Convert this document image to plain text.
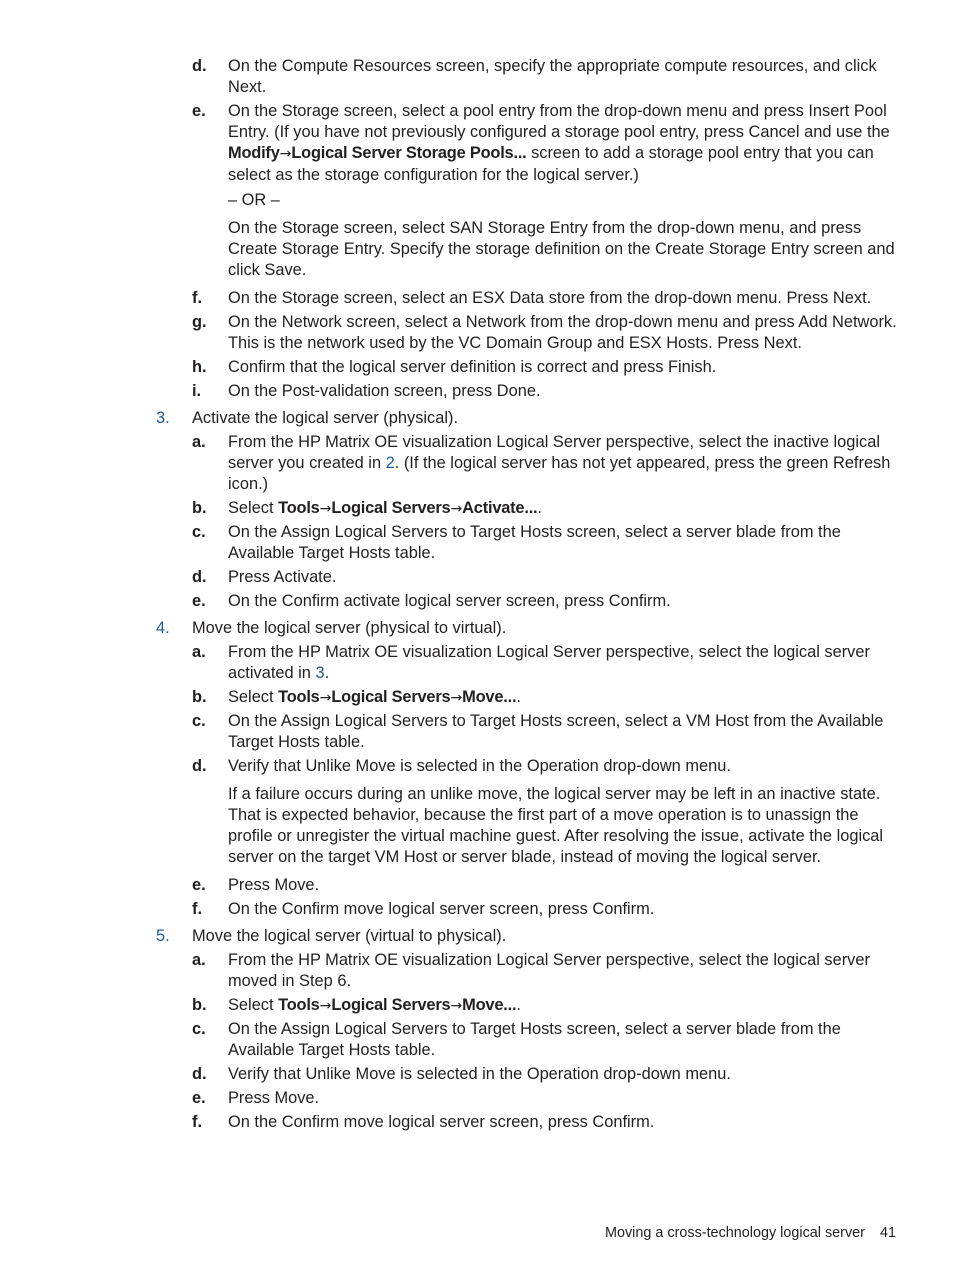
d. On the Compute Resources screen, specify the appropriate compute resources, and click Next.
e. On the Storage screen, select a pool entry from the drop-down menu and press Insert Pool Entry. (If you have not previously configured a storage pool entry, press Cancel and use the Modify→Logical Server Storage Pools... screen to add a storage pool entry that you can select as the storage configuration for the logical server.)
– OR –
On the Storage screen, select SAN Storage Entry from the drop-down menu, and press Create Storage Entry. Specify the storage definition on the Create Storage Entry screen and click Save.
f. On the Storage screen, select an ESX Data store from the drop-down menu. Press Next.
g. On the Network screen, select a Network from the drop-down menu and press Add Network. This is the network used by the VC Domain Group and ESX Hosts. Press Next.
h. Confirm that the logical server definition is correct and press Finish.
i. On the Post-validation screen, press Done.
3. Activate the logical server (physical).
a. From the HP Matrix OE visualization Logical Server perspective, select the inactive logical server you created in 2. (If the logical server has not yet appeared, press the green Refresh icon.)
b. Select Tools→Logical Servers→Activate....
c. On the Assign Logical Servers to Target Hosts screen, select a server blade from the Available Target Hosts table.
d. Press Activate.
e. On the Confirm activate logical server screen, press Confirm.
4. Move the logical server (physical to virtual).
a. From the HP Matrix OE visualization Logical Server perspective, select the logical server activated in 3.
b. Select Tools→Logical Servers→Move....
c. On the Assign Logical Servers to Target Hosts screen, select a VM Host from the Available Target Hosts table.
d. Verify that Unlike Move is selected in the Operation drop-down menu.
If a failure occurs during an unlike move, the logical server may be left in an inactive state. That is expected behavior, because the first part of a move operation is to unassign the profile or unregister the virtual machine guest. After resolving the issue, activate the logical server on the target VM Host or server blade, instead of moving the logical server.
e. Press Move.
f. On the Confirm move logical server screen, press Confirm.
5. Move the logical server (virtual to physical).
a. From the HP Matrix OE visualization Logical Server perspective, select the logical server moved in Step 6.
b. Select Tools→Logical Servers→Move....
c. On the Assign Logical Servers to Target Hosts screen, select a server blade from the Available Target Hosts table.
d. Verify that Unlike Move is selected in the Operation drop-down menu.
e. Press Move.
f. On the Confirm move logical server screen, press Confirm.
Moving a cross-technology logical server 41
